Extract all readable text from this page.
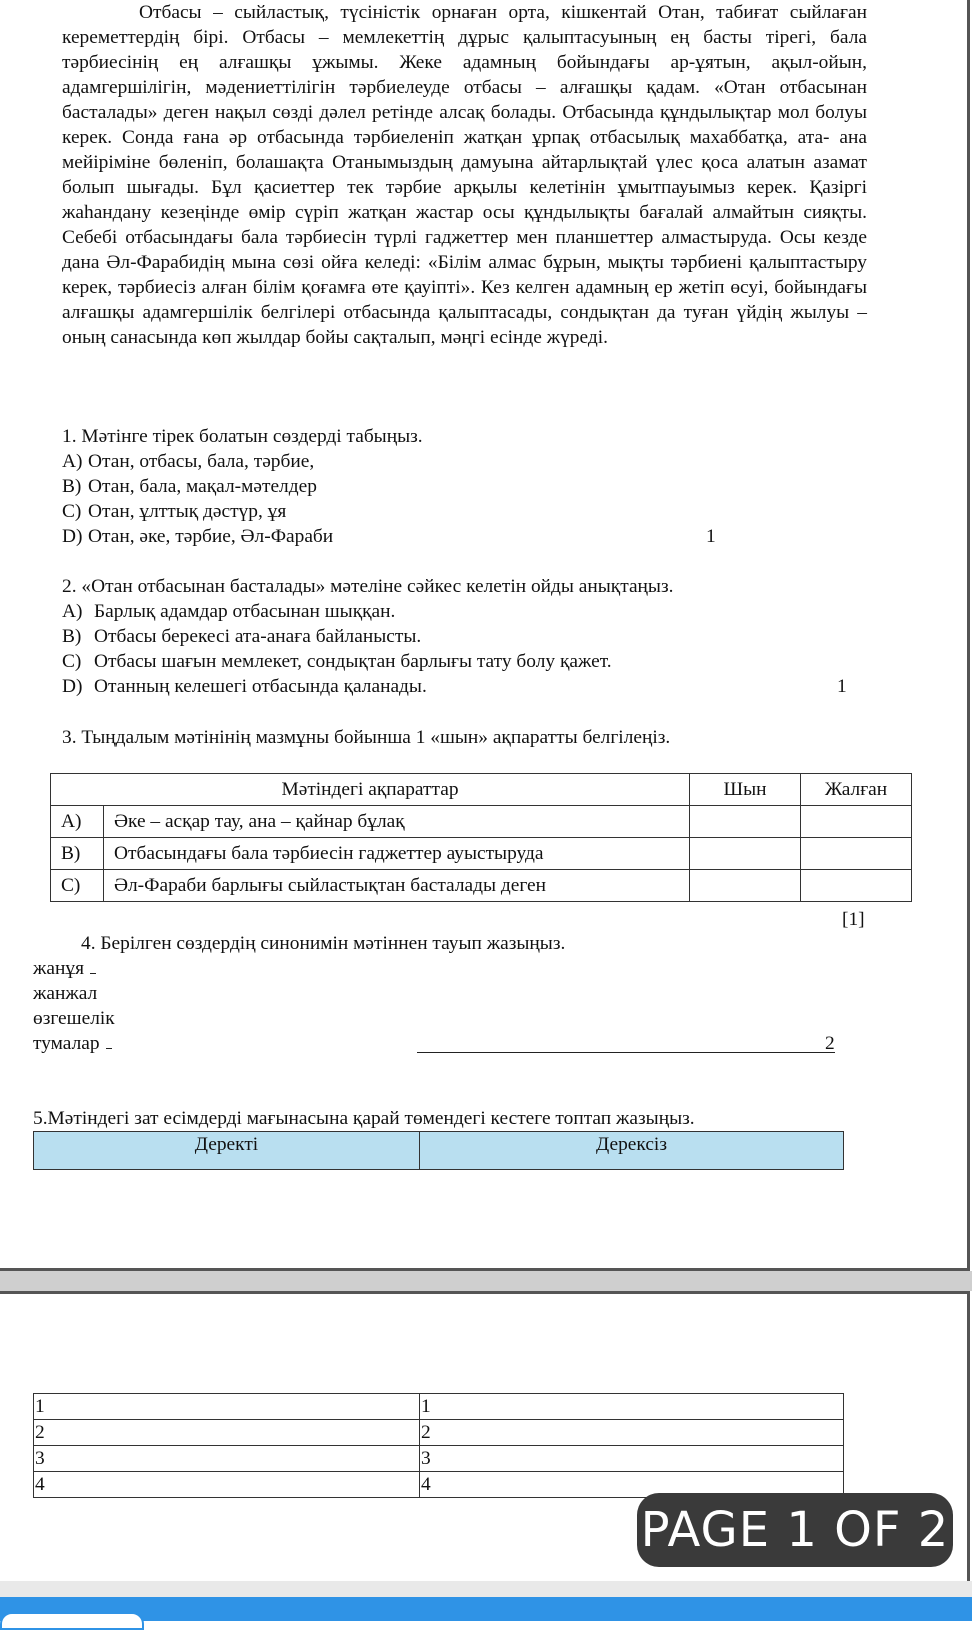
Отбасы – сыйластық, түсіністік орнаған орта, кішкентай Отан, табиғат сыйлаған кереметтердің бірі. Отбасы – мемлекеттің дұрыс қалыптасуының ең басты тірегі, бала тәрбиесінің ең алғашқы ұжымы. Жеке адамның бойындағы ар-ұятын, ақыл-ойын, адамгершілігін, мәдениеттілігін тәрбиелеуде отбасы – алғашқы қадам. «Отан отбасынан басталады» деген нақыл сөзді дәлел ретінде алсақ болады. Отбасында құндылықтар мол болуы керек. Сонда ғана әр отбасында тәрбиеленіп жатқан ұрпақ отбасылық махаббатқа, ата- ана мейіріміне бөленіп, болашақта Отанымыздың дамуына айтарлықтай үлес қоса алатын азамат болып шығады. Бұл қасиеттер тек тәрбие арқылы келетінін ұмытпауымыз керек. Қазіргі жаһандану кезеңінде өмір сүріп жатқан жастар осы құндылықты бағалай алмайтын сияқты. Себебі отбасындағы бала тәрбиесін түрлі гаджеттер мен планшеттер алмастыруда. Осы кезде дана Әл-Фарабидің мына сөзі ойға келеді: «Білім алмас бұрын, мықты тәрбиені қалыптастыру керек, тәрбиесіз алған білім қоғамға өте қауіпті». Кез келген адамның ер жетіп өсуі, бойындағы алғашқы адамгершілік белгілері отбасында қалыптасады, сондықтан да туған үйдің жылуы – оның санасында көп жылдар бойы сақталып, мәңгі есінде жүреді.

1. Мәтінге тірек болатын сөздерді табыңыз.
A) Отан, отбасы, бала, тәрбие,
B) Отан, бала, мақал-мәтелдер
C) Отан, ұлттық дәстүр, ұя
D) Отан, әке, тәрбие, Әл-Фараби	1
2. «Отан отбасынан басталады» мәтеліне сәйкес келетін ойды анықтаңыз.
A) Барлық адамдар отбасынан шыққан.
B) Отбасы берекесі ата-анаға байланысты.
C) Отбасы шағын мемлекет, сондықтан барлығы тату болу қажет.
D) Отанның келешегі отбасында қаланады.	1
3. Тыңдалым мәтінінің мазмұны бойынша 1 «шын» ақпаратты белгілеңіз.
Мәтіндегі ақпараттар		Шын	Жалған
A)	Әке – асқар тау, ана – қайнар бұлақ		
B)	Отбасындағы бала тәрбиесін гаджеттер ауыстыруда		
C)	Әл-Фараби барлығы сыйластықтан басталады деген		
[1]
4. Берілген сөздердің синонимін мәтіннен тауып жазыңыз.
жанұя
жанжал
өзгешелік
тумалар	2
5.Мәтіндегі зат есімдерді мағынасына қарай төмендегі кестеге топтап жазыңыз.
Деректі	Дерексіз
1	1
2	2
3	3
4	4
PAGE 1 OF 2
